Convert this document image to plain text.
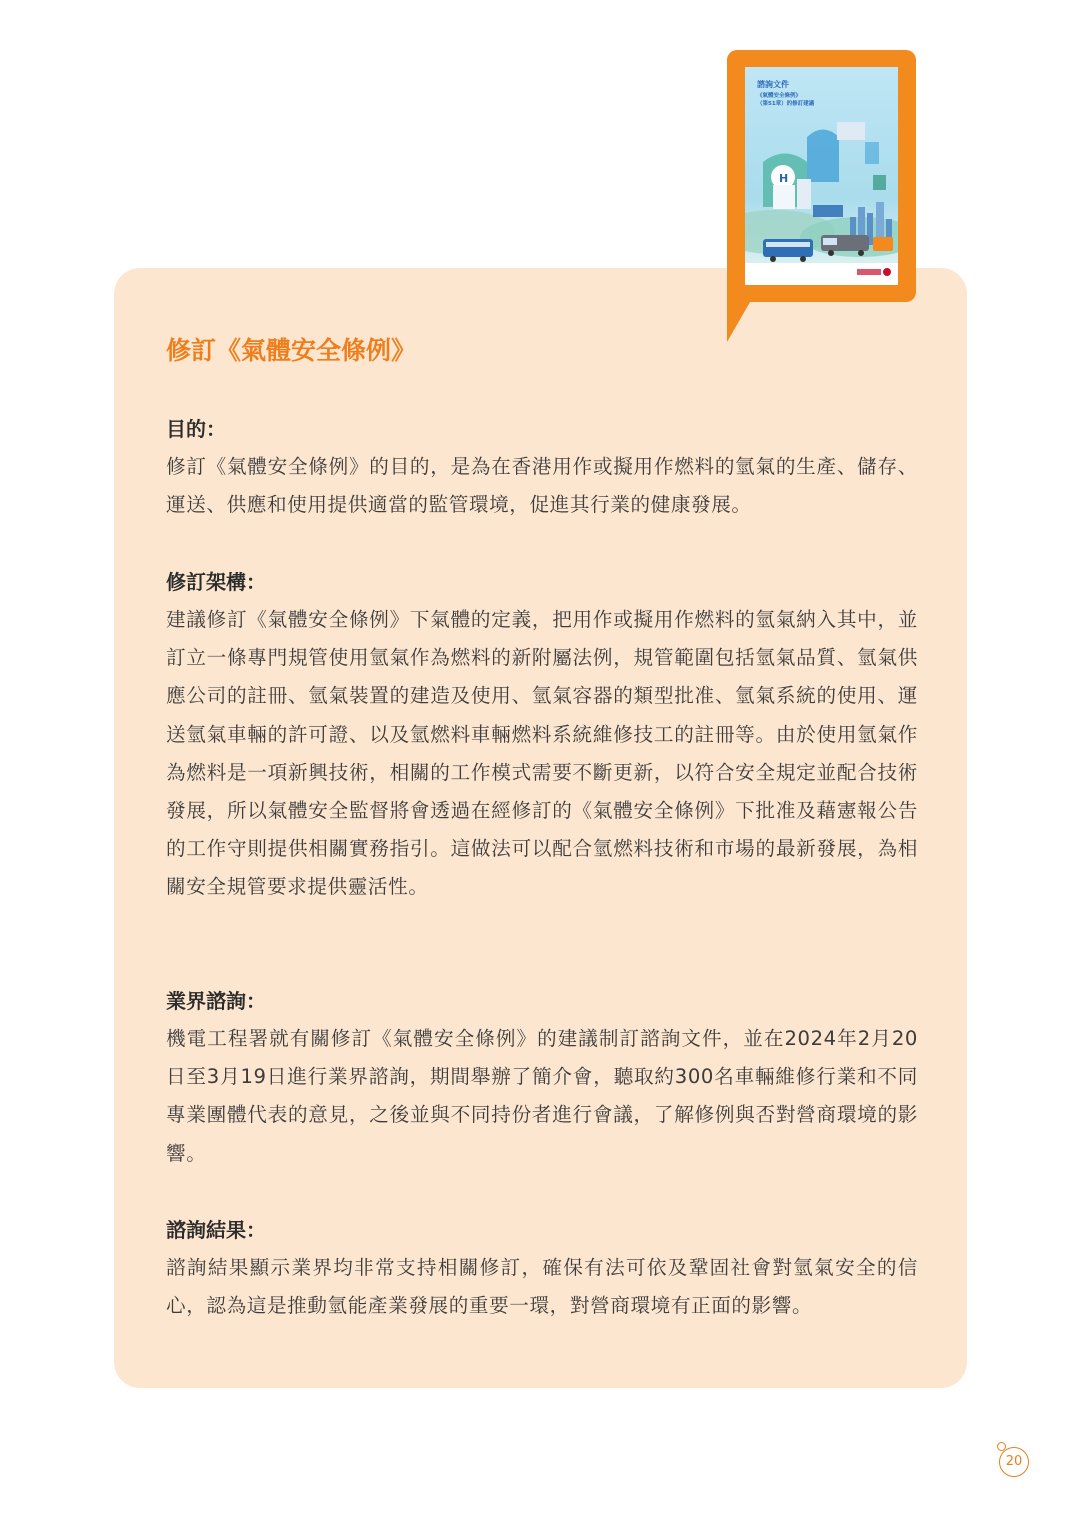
H
諮詢文件
《氣體安全條例》
（第51章）的修訂建議
修訂《氣體安全條例》
目的：

修訂《氣體安全條例》的目的，是為在香港用作或擬用作燃料的氫氣的生產、儲存、運送、供應和使用提供適當的監管環境，促進其行業的健康發展。

修訂架構：

建議修訂《氣體安全條例》下氣體的定義，把用作或擬用作燃料的氫氣納入其中，並訂立一條專門規管使用氫氣作為燃料的新附屬法例，規管範圍包括氫氣品質、氫氣供應公司的註冊、氫氣裝置的建造及使用、氫氣容器的類型批准、氫氣系統的使用、運送氫氣車輛的許可證、以及氫燃料車輛燃料系統維修技工的註冊等。由於使用氫氣作為燃料是一項新興技術，相關的工作模式需要不斷更新，以符合安全規定並配合技術發展，所以氣體安全監督將會透過在經修訂的《氣體安全條例》下批准及藉憲報公告的工作守則提供相關實務指引。這做法可以配合氫燃料技術和市場的最新發展，為相關安全規管要求提供靈活性。

業界諮詢：

機電工程署就有關修訂《氣體安全條例》的建議制訂諮詢文件，並在2024年2月20日至3月19日進行業界諮詢，期間舉辦了簡介會，聽取約300名車輛維修行業和不同專業團體代表的意見，之後並與不同持份者進行會議，了解修例與否對營商環境的影響。

諮詢結果：

諮詢結果顯示業界均非常支持相關修訂，確保有法可依及鞏固社會對氫氣安全的信心，認為這是推動氫能產業發展的重要一環，對營商環境有正面的影響。

20
